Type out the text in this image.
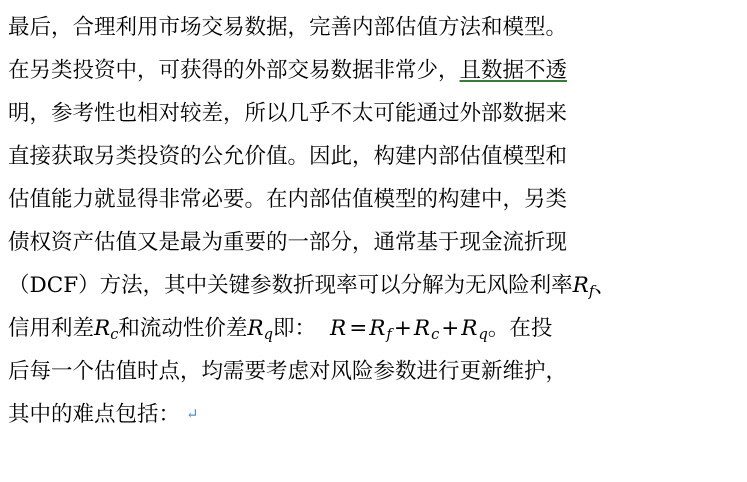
最后，合理利用市场交易数据，完善内部估值方法和模型。
在另类投资中，可获得的外部交易数据非常少，且数据不透
明，参考性也相对较差，所以几乎不太可能通过外部数据来
直接获取另类投资的公允价值。因此，构建内部估值模型和
估值能力就显得非常必要。在内部估值模型的构建中，另类
债权资产估值又是最为重要的一部分，通常基于现金流折现
（DCF）方法，其中关键参数折现率可以分解为无风险利率$R_f$、
信用利差$R_c$和流动性价差$R_q$即： $R=R_f+R_c+R_q$。在投
后每一个估值时点，均需要考虑对风险参数进行更新维护，
其中的难点包括： ↵
